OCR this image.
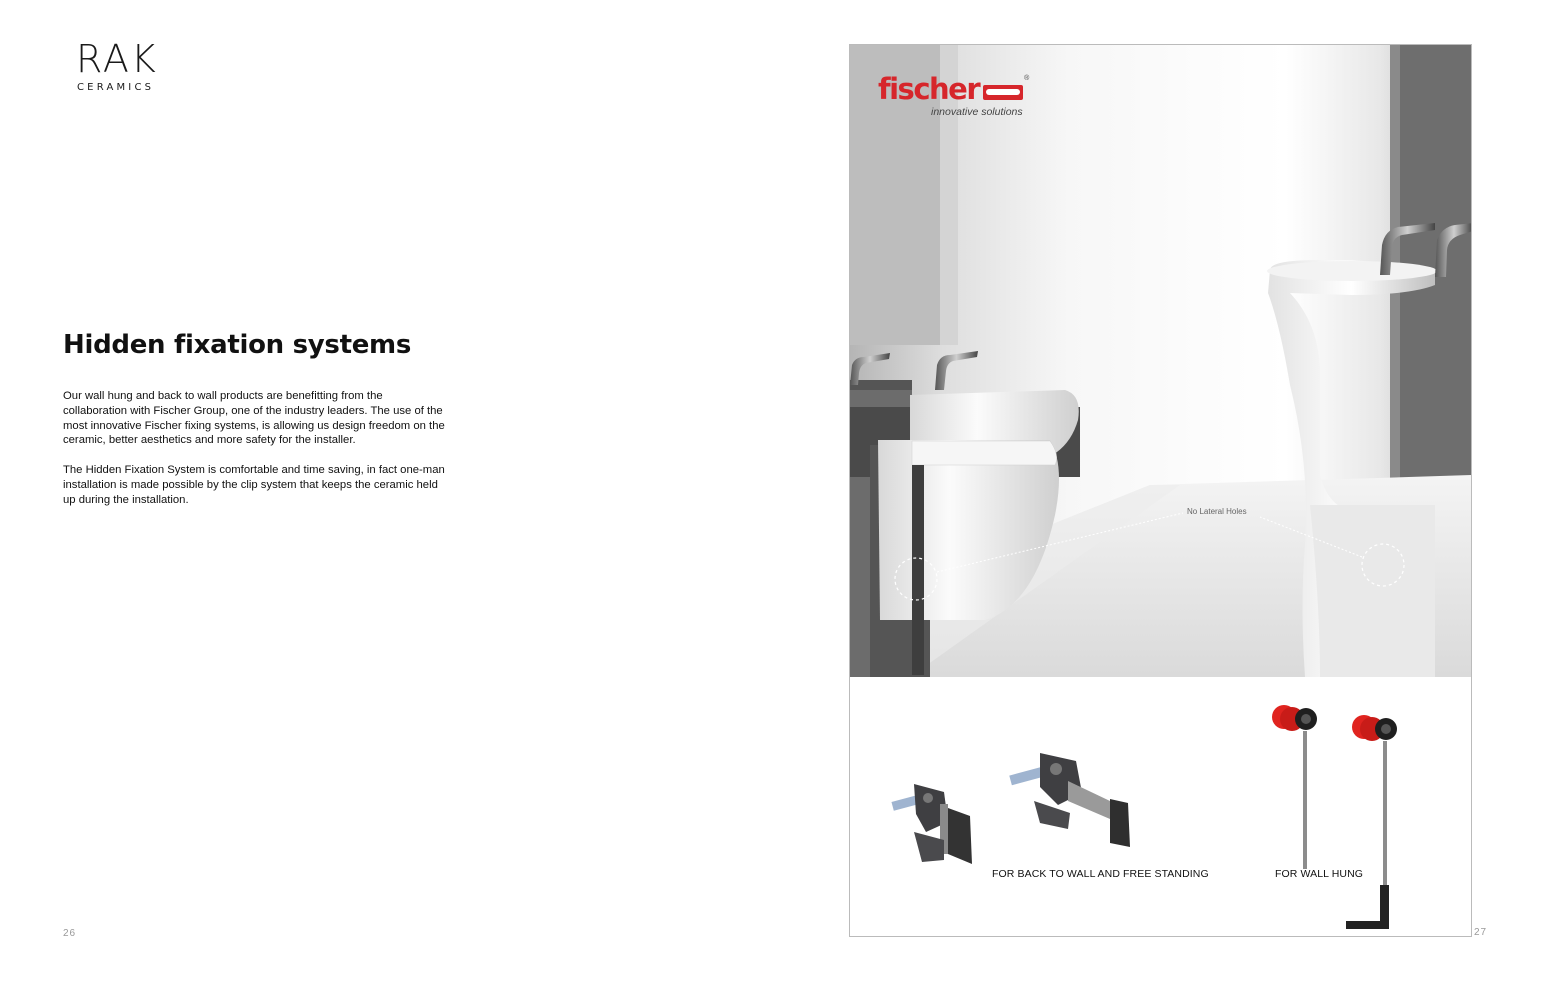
RAK
CERAMICS
Hidden fixation systems

Our wall hung and back to wall products are benefitting from the collaboration with Fischer Group, one of the industry leaders. The use of the most innovative Fischer fixing systems, is allowing us design freedom on the ceramic, better aesthetics and more safety for the installer.

The Hidden Fixation System is comfortable and time saving, in fact one-man installation is made possible by the clip system that keeps the ceramic held up during the installation.

26
fischer	®
innovative solutions
No Lateral Holes
FOR BACK TO WALL AND FREE STANDING	FOR WALL HUNG
27
